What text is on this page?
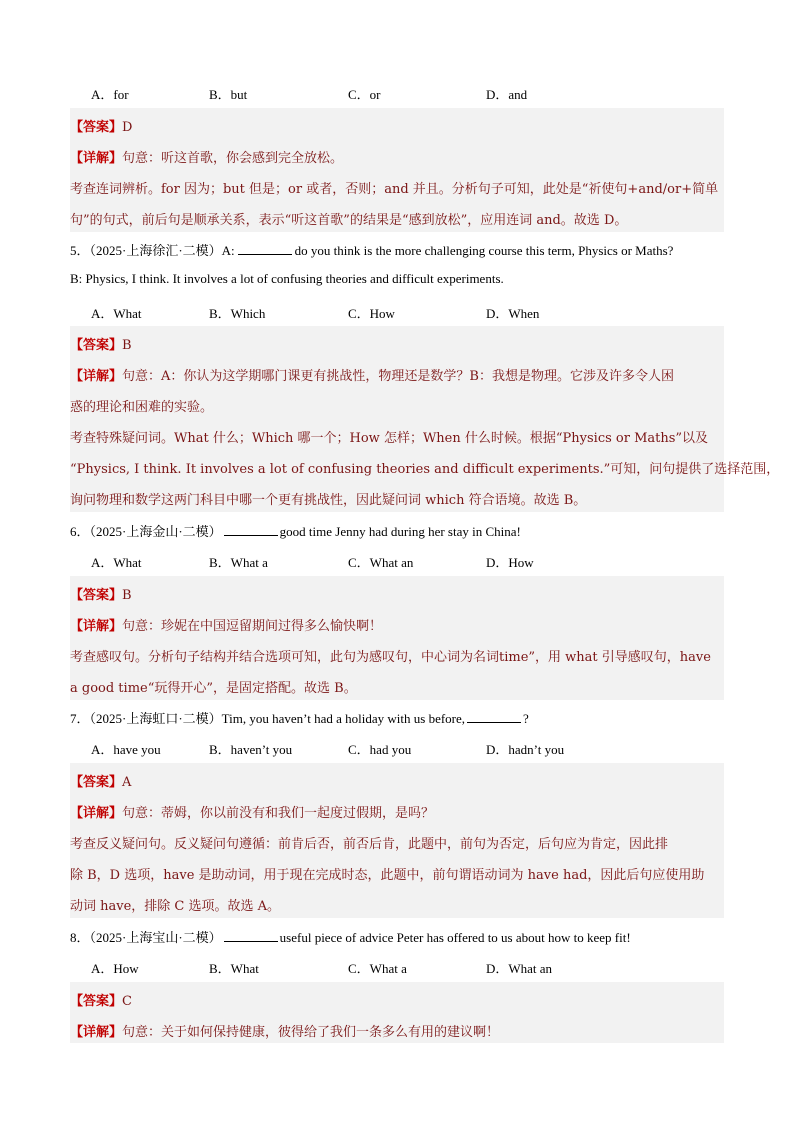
A．for	B．but	C．or	D．and
【答案】D
【详解】句意：听这首歌，你会感到完全放松。
考查连词辨析。for 因为；but 但是；or 或者，否则；and 并且。分析句子可知，此处是“祈使句+and/or+简单
句”的句式，前后句是顺承关系，表示“听这首歌”的结果是“感到放松”，应用连词 and。故选 D。
5．（2025·上海徐汇·二模）A:	do you think is the more challenging course this term, Physics or Maths?
B: Physics, I think. It involves a lot of confusing theories and difficult experiments.
A．What	B．Which	C．How	D．When
【答案】B
【详解】句意：A：你认为这学期哪门课更有挑战性，物理还是数学？B：我想是物理。它涉及许多令人困
惑的理论和困难的实验。
考查特殊疑问词。What 什么；Which 哪一个；How 怎样；When 什么时候。根据“Physics or Maths”以及
“Physics, I think. It involves a lot of confusing theories and difficult experiments.”可知，问句提供了选择范围，
询问物理和数学这两门科目中哪一个更有挑战性，因此疑问词 which 符合语境。故选 B。
6．（2025·上海金山·二模）	good time Jenny had during her stay in China!
A．What	B．What a	C．What an	D．How
【答案】B
【详解】句意：珍妮在中国逗留期间过得多么愉快啊！
考查感叹句。分析句子结构并结合选项可知，此句为感叹句，中心词为名词time”，用 what 引导感叹句，have
a good time“玩得开心”，是固定搭配。故选 B。
7．（2025·上海虹口·二模）Tim, you haven’t had a holiday with us before,	?
A．have you	B．haven’t you	C．had you	D．hadn’t you
【答案】A
【详解】句意：蒂姆，你以前没有和我们一起度过假期，是吗？
考查反义疑问句。反义疑问句遵循：前肯后否，前否后肯，此题中，前句为否定，后句应为肯定，因此排
除 B，D 选项，have 是助动词，用于现在完成时态，此题中，前句谓语动词为 have had，因此后句应使用助
动词 have，排除 C 选项。故选 A。
8．（2025·上海宝山·二模）	useful piece of advice Peter has offered to us about how to keep fit!
A．How	B．What	C．What a	D．What an
【答案】C
【详解】句意：关于如何保持健康，彼得给了我们一条多么有用的建议啊！
